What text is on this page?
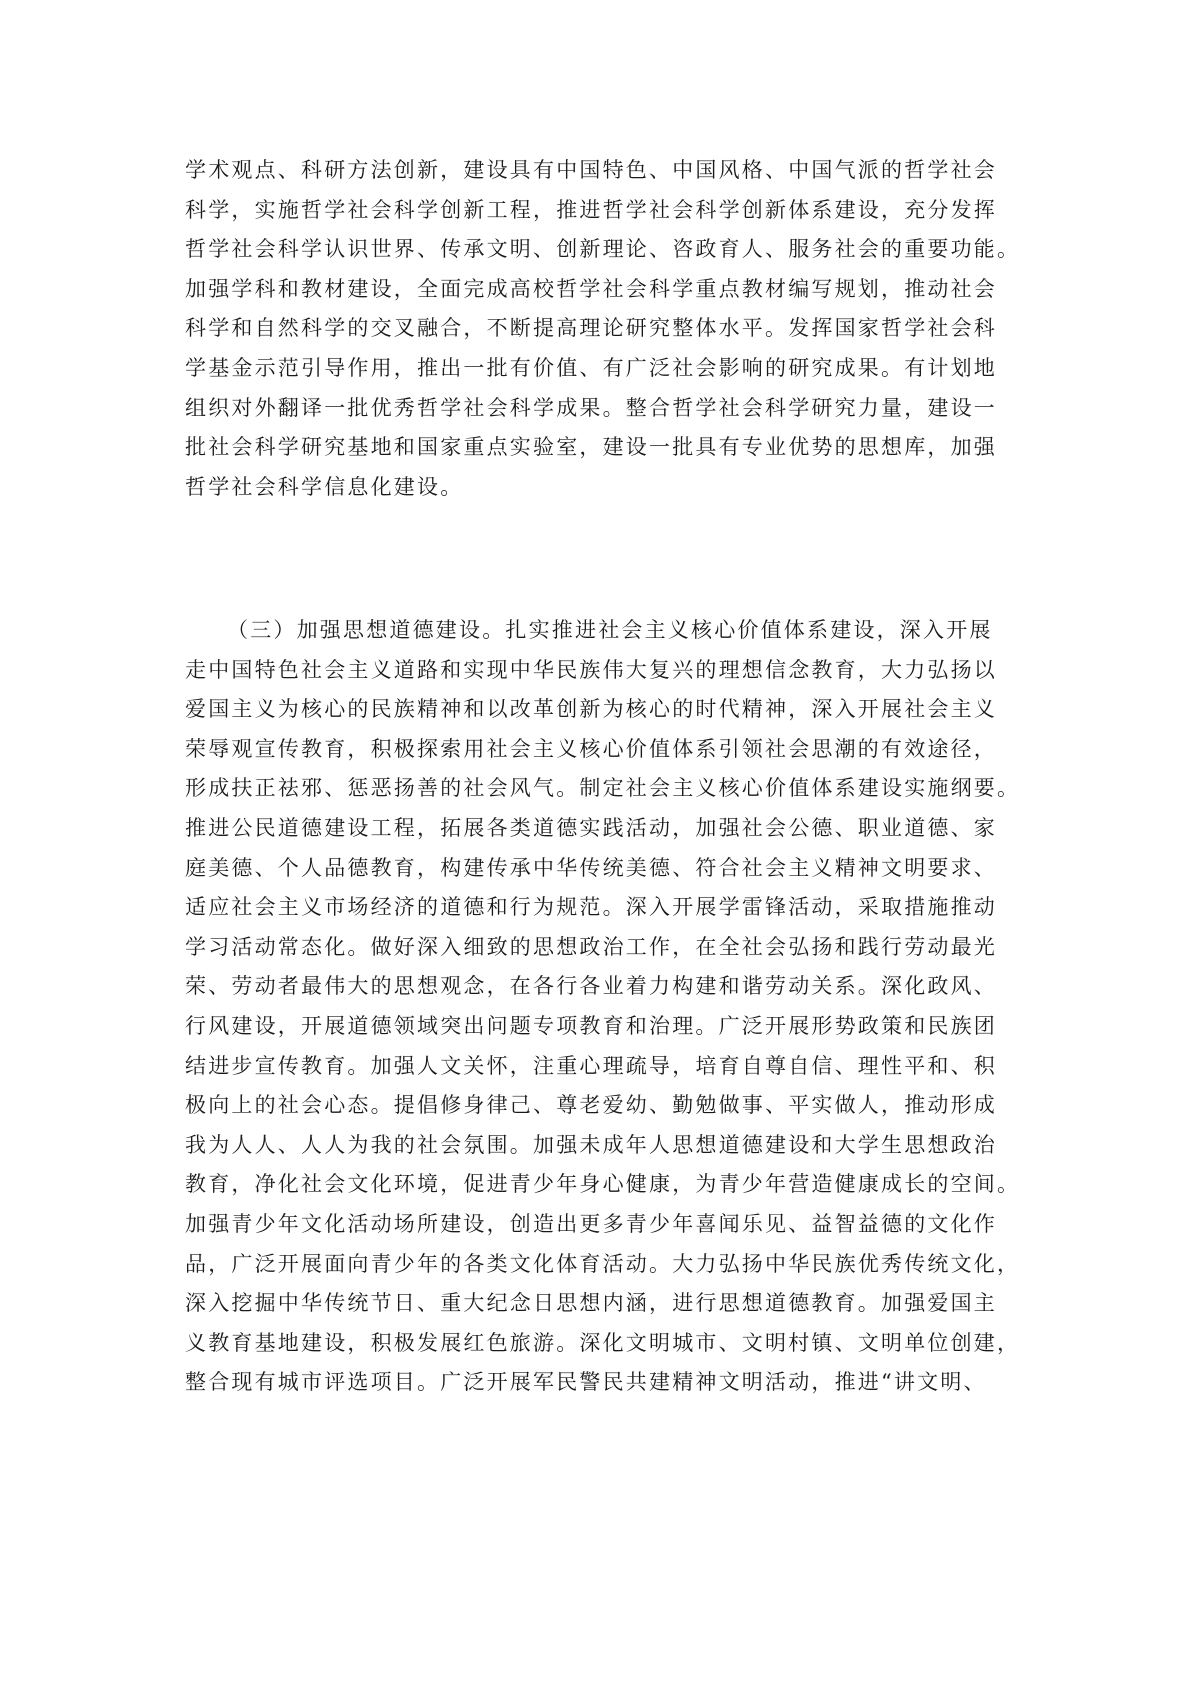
学术观点、科研方法创新，建设具有中国特色、中国风格、中国气派的哲学社会
科学，实施哲学社会科学创新工程，推进哲学社会科学创新体系建设，充分发挥
哲学社会科学认识世界、传承文明、创新理论、咨政育人、服务社会的重要功能。
加强学科和教材建设，全面完成高校哲学社会科学重点教材编写规划，推动社会
科学和自然科学的交叉融合，不断提高理论研究整体水平。发挥国家哲学社会科
学基金示范引导作用，推出一批有价值、有广泛社会影响的研究成果。有计划地
组织对外翻译一批优秀哲学社会科学成果。整合哲学社会科学研究力量，建设一
批社会科学研究基地和国家重点实验室，建设一批具有专业优势的思想库，加强
哲学社会科学信息化建设。
（三）加强思想道德建设。扎实推进社会主义核心价值体系建设，深入开展
走中国特色社会主义道路和实现中华民族伟大复兴的理想信念教育，大力弘扬以
爱国主义为核心的民族精神和以改革创新为核心的时代精神，深入开展社会主义
荣辱观宣传教育，积极探索用社会主义核心价值体系引领社会思潮的有效途径，
形成扶正祛邪、惩恶扬善的社会风气。制定社会主义核心价值体系建设实施纲要。
推进公民道德建设工程，拓展各类道德实践活动，加强社会公德、职业道德、家
庭美德、个人品德教育，构建传承中华传统美德、符合社会主义精神文明要求、
适应社会主义市场经济的道德和行为规范。深入开展学雷锋活动，采取措施推动
学习活动常态化。做好深入细致的思想政治工作，在全社会弘扬和践行劳动最光
荣、劳动者最伟大的思想观念，在各行各业着力构建和谐劳动关系。深化政风、
行风建设，开展道德领域突出问题专项教育和治理。广泛开展形势政策和民族团
结进步宣传教育。加强人文关怀，注重心理疏导，培育自尊自信、理性平和、积
极向上的社会心态。提倡修身律己、尊老爱幼、勤勉做事、平实做人，推动形成
我为人人、人人为我的社会氛围。加强未成年人思想道德建设和大学生思想政治
教育，净化社会文化环境，促进青少年身心健康，为青少年营造健康成长的空间。
加强青少年文化活动场所建设，创造出更多青少年喜闻乐见、益智益德的文化作
品，广泛开展面向青少年的各类文化体育活动。大力弘扬中华民族优秀传统文化，
深入挖掘中华传统节日、重大纪念日思想内涵，进行思想道德教育。加强爱国主
义教育基地建设，积极发展红色旅游。深化文明城市、文明村镇、文明单位创建，
整合现有城市评选项目。广泛开展军民警民共建精神文明活动，推进“讲文明、
